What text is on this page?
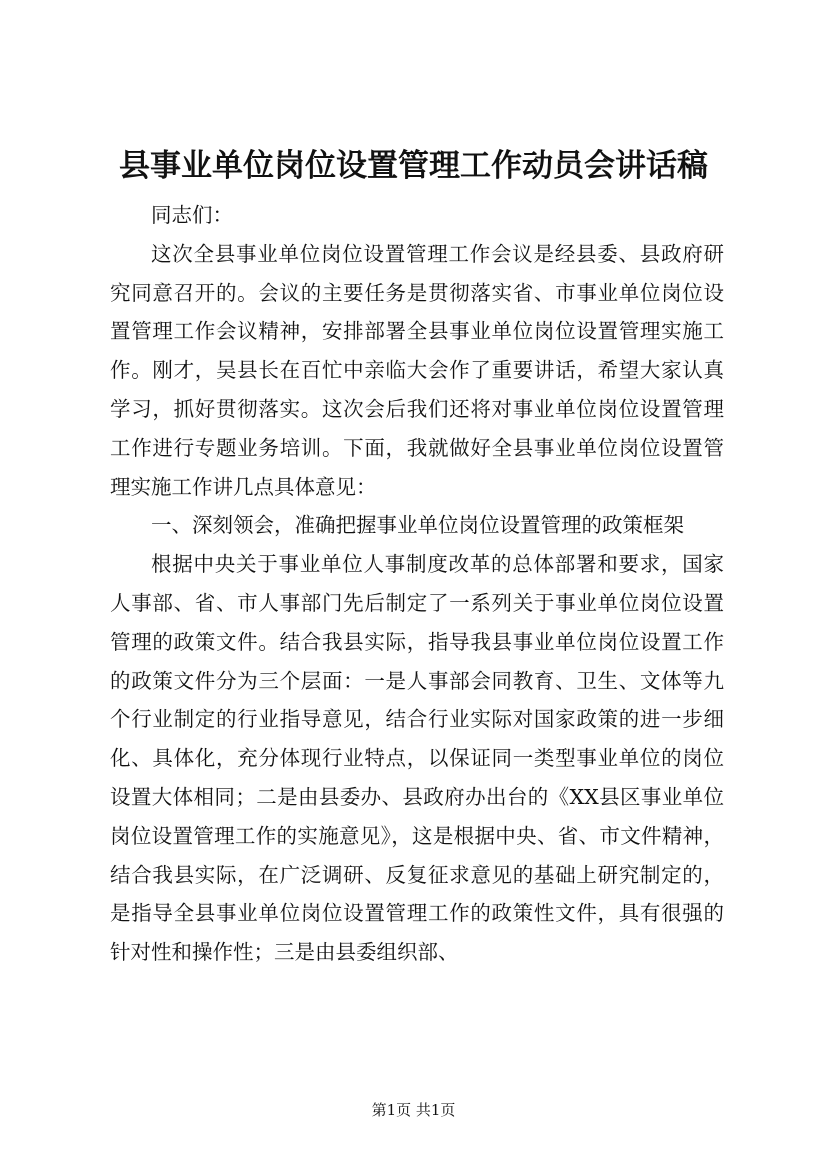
县事业单位岗位设置管理工作动员会讲话稿

同志们：

这次全县事业单位岗位设置管理工作会议是经县委、县政府研究同意召开的。会议的主要任务是贯彻落实省、市事业单位岗位设置管理工作会议精神，安排部署全县事业单位岗位设置管理实施工作。刚才，吴县长在百忙中亲临大会作了重要讲话，希望大家认真学习，抓好贯彻落实。这次会后我们还将对事业单位岗位设置管理工作进行专题业务培训。下面，我就做好全县事业单位岗位设置管理实施工作讲几点具体意见：

一、深刻领会，准确把握事业单位岗位设置管理的政策框架

根据中央关于事业单位人事制度改革的总体部署和要求，国家人事部、省、市人事部门先后制定了一系列关于事业单位岗位设置管理的政策文件。结合我县实际，指导我县事业单位岗位设置工作的政策文件分为三个层面：一是人事部会同教育、卫生、文体等九个行业制定的行业指导意见，结合行业实际对国家政策的进一步细化、具体化，充分体现行业特点，以保证同一类型事业单位的岗位设置大体相同；二是由县委办、县政府办出台的《XX县区事业单位岗位设置管理工作的实施意见》，这是根据中央、省、市文件精神，结合我县实际，在广泛调研、反复征求意见的基础上研究制定的，是指导全县事业单位岗位设置管理工作的政策性文件，具有很强的针对性和操作性；三是由县委组织部、

第1页 共1页
